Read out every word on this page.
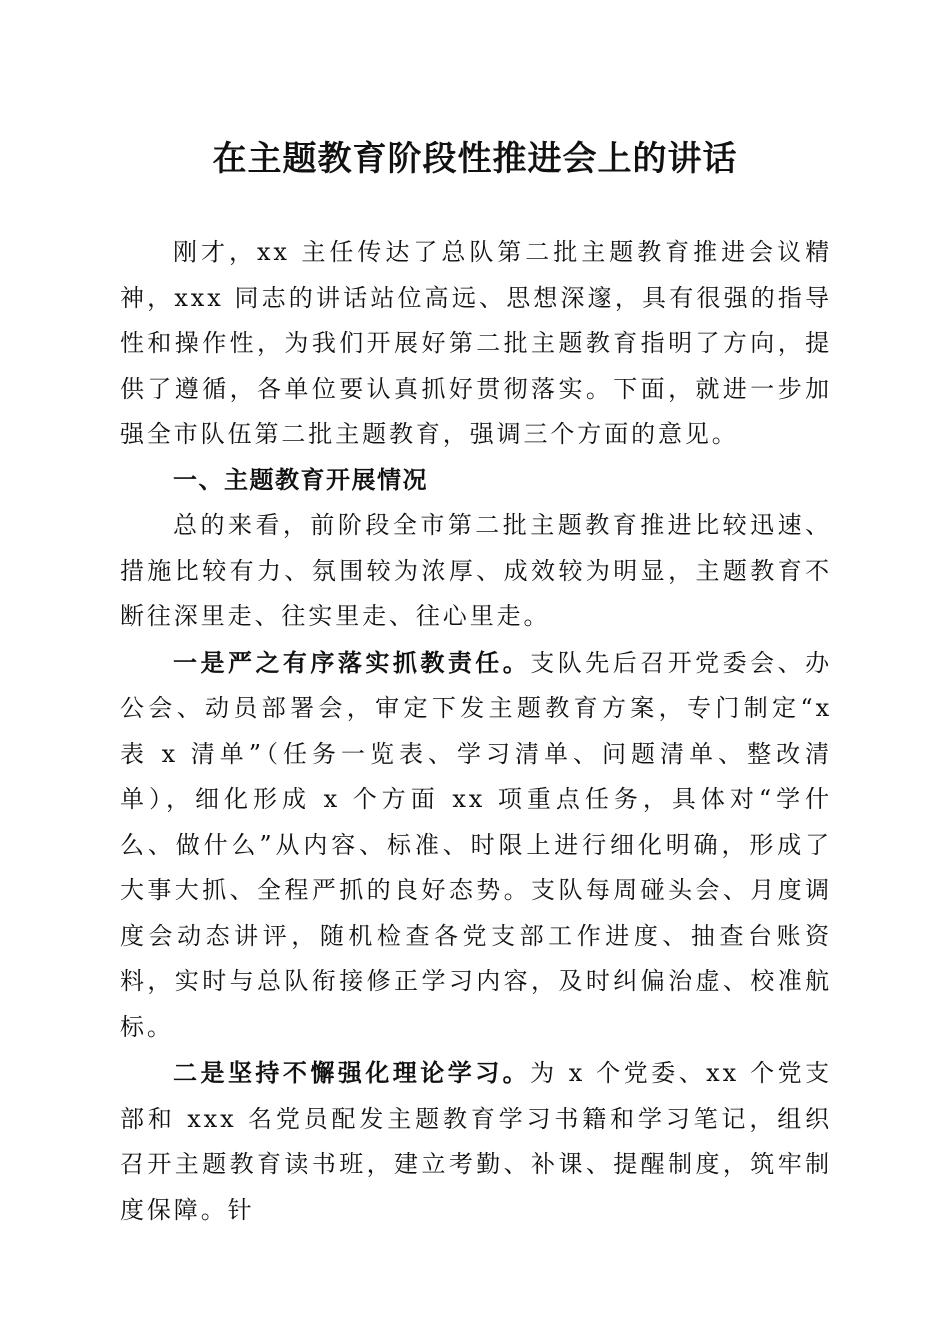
在主题教育阶段性推进会上的讲话

刚才，xx 主任传达了总队第二批主题教育推进会议精神，xxx 同志的讲话站位高远、思想深邃，具有很强的指导性和操作性，为我们开展好第二批主题教育指明了方向，提供了遵循，各单位要认真抓好贯彻落实。下面，就进一步加强全市队伍第二批主题教育，强调三个方面的意见。

一、主题教育开展情况

总的来看，前阶段全市第二批主题教育推进比较迅速、措施比较有力、氛围较为浓厚、成效较为明显，主题教育不断往深里走、往实里走、往心里走。

一是严之有序落实抓教责任。支队先后召开党委会、办公会、动员部署会，审定下发主题教育方案，专门制定“x 表 x 清单”（任务一览表、学习清单、问题清单、整改清单），细化形成 x 个方面 xx 项重点任务，具体对“学什么、做什么”从内容、标准、时限上进行细化明确，形成了大事大抓、全程严抓的良好态势。支队每周碰头会、月度调度会动态讲评，随机检查各党支部工作进度、抽查台账资料，实时与总队衔接修正学习内容，及时纠偏治虚、校准航标。

二是坚持不懈强化理论学习。为 x 个党委、xx 个党支部和 xxx 名党员配发主题教育学习书籍和学习笔记，组织召开主题教育读书班，建立考勤、补课、提醒制度，筑牢制度保障。针
